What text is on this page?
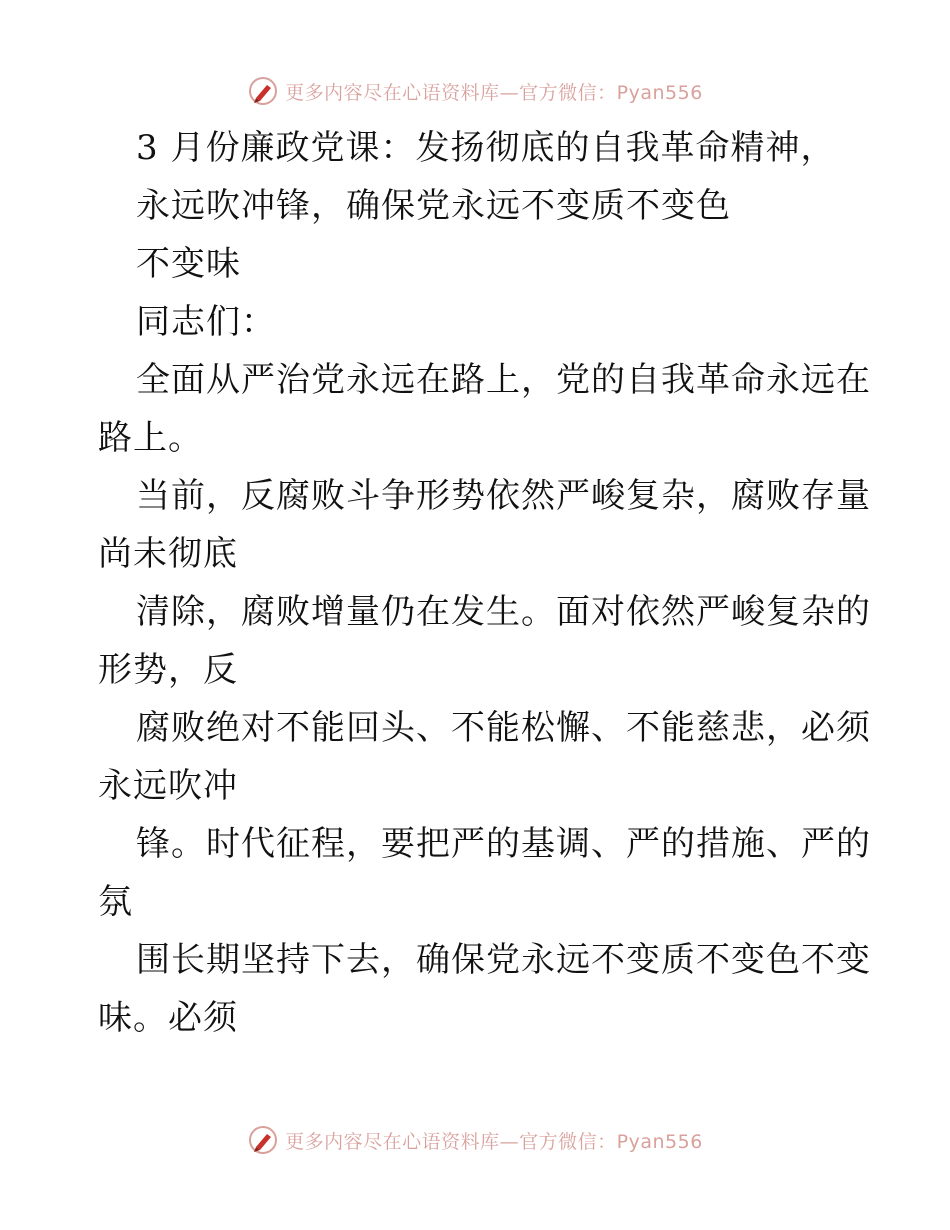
更多内容尽在心语资料库—官方微信：Pyan556
3 月份廉政党课：发扬彻底的自我革命精神，
永远吹冲锋，确保党永远不变质不变色
不变味
同志们：
全面从严治党永远在路上，党的自我革命永远在
路上。
当前，反腐败斗争形势依然严峻复杂，腐败存量
尚未彻底
清除，腐败增量仍在发生。面对依然严峻复杂的
形势，反
腐败绝对不能回头、不能松懈、不能慈悲，必须
永远吹冲
锋。时代征程，要把严的基调、严的措施、严的
氛
围长期坚持下去，确保党永远不变质不变色不变
味。必须
更多内容尽在心语资料库—官方微信：Pyan556
